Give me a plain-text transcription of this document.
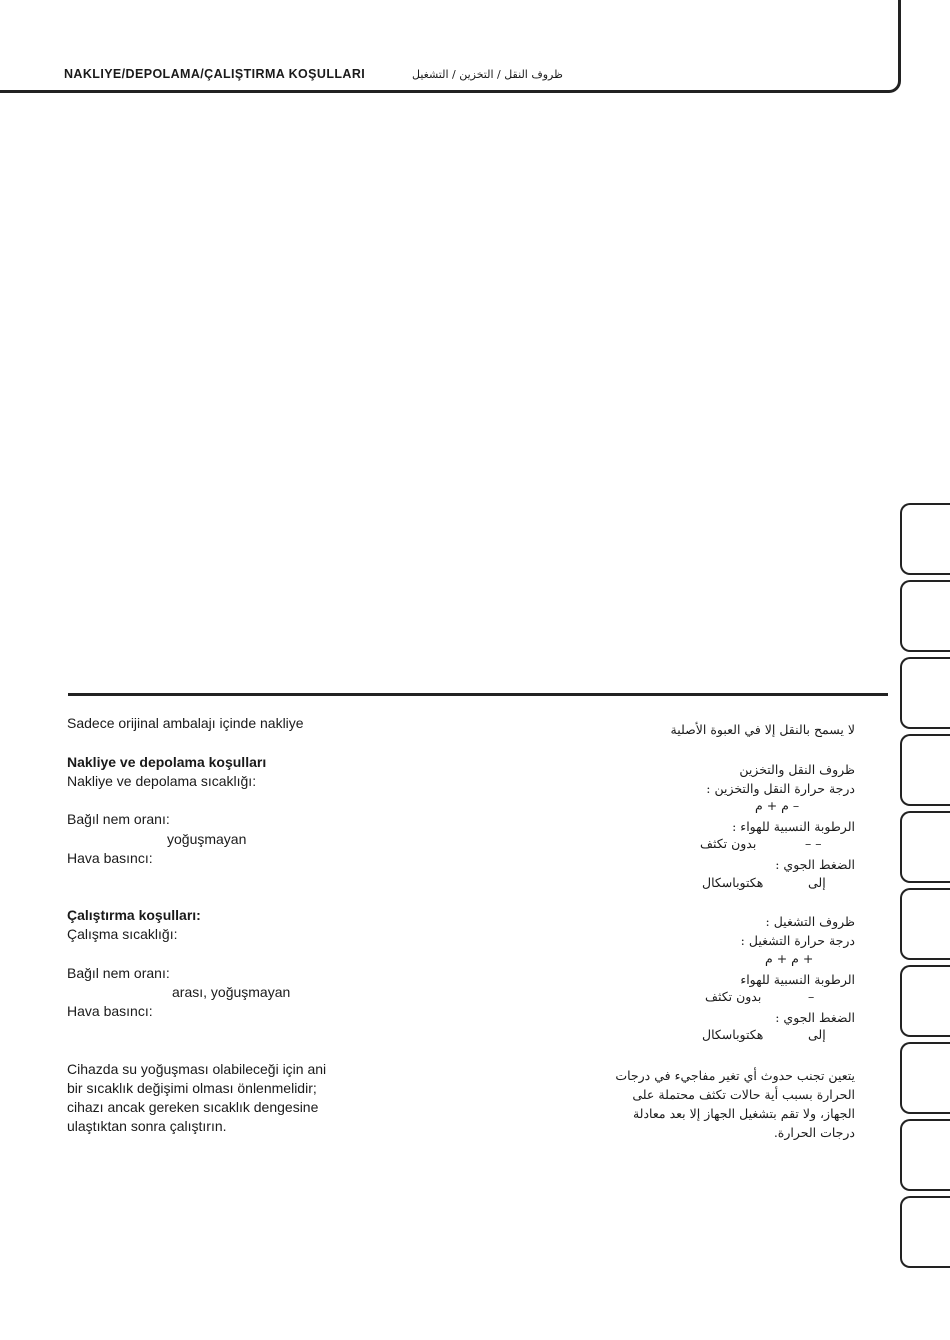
NAKLIYE/DEPOLAMA/ÇALIŞTIRMA KOŞULLARI	ظروف النقل / التخزين / التشغيل
Sadece orijinal ambalajı içinde nakliye
Nakliye ve depolama koşulları
Nakliye ve depolama sıcaklığı:
Bağıl nem oranı:
yoğuşmayan
Hava basıncı:
Çalıştırma koşulları:
Çalışma sıcaklığı:
Bağıl nem oranı:
arası, yoğuşmayan
Hava basıncı:
Cihazda su yoğuşması olabileceği için ani
bir sıcaklık değişimi olması önlenmelidir;
cihazı ancak gereken sıcaklık dengesine
ulaştıktan sonra çalıştırın.
لا يسمح بالنقل إلا في العبوة الأصلية
ظروف النقل والتخزين
درجة حرارة النقل والتخزين :
– م + م
الرطوبة النسبية للهواء :
– –
بدون تكثف
الضغط الجوي :
إلى
هكتوباسكال
ظروف التشغيل :
درجة حرارة التشغيل :
+ م + م
الرطوبة النسبية للهواء
–
بدون تكثف
الضغط الجوي :
إلى
هكتوباسكال
يتعين تجنب حدوث أي تغير مفاجيء في درجات
الحرارة بسبب أية حالات تكثف محتملة على
الجهاز، ولا تقم بتشغيل الجهاز إلا بعد معادلة
درجات الحرارة.
